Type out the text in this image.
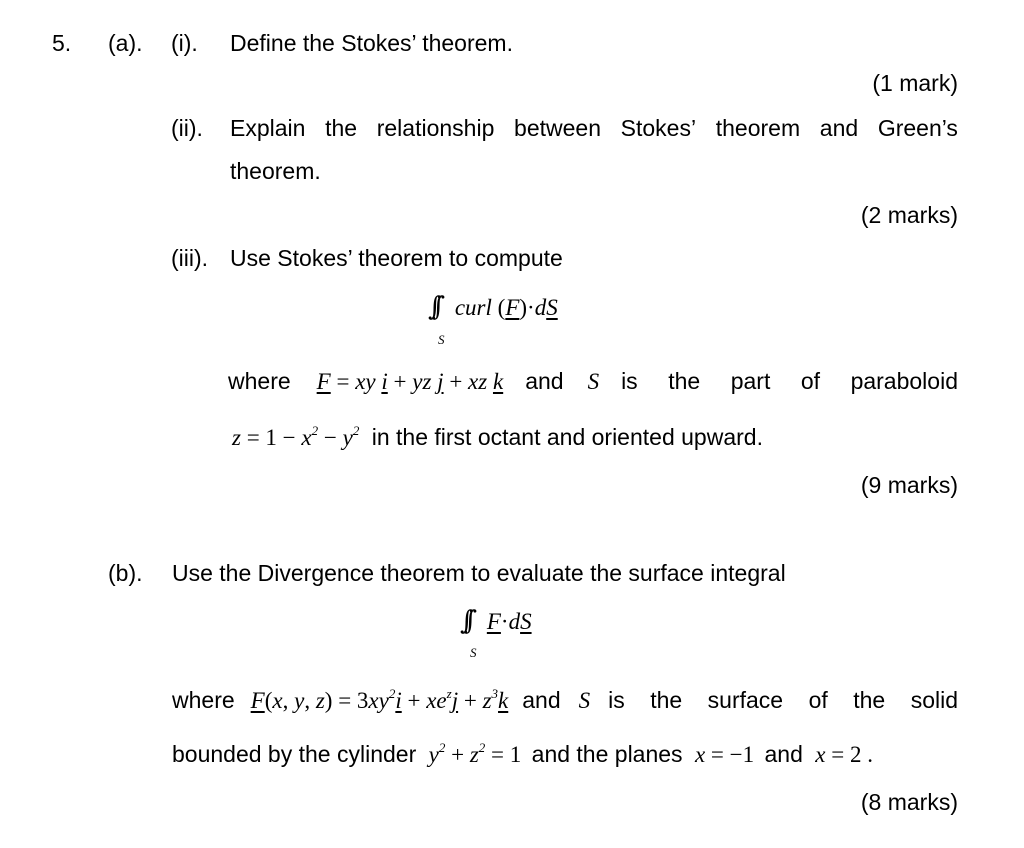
5. (a). (i). Define the Stokes’ theorem.
(1 mark)
(ii). Explain the relationship between Stokes’ theorem and Green’s
theorem.
(2 marks)
(iii). Use Stokes’ theorem to compute
∫∫ curl (F)·dS
S
where F = xy i + yz j + xz k and S is the part of paraboloid
$z = 1 - x^2 - y^2$ in the first octant and oriented upward.
(9 marks)
(b). Use the Divergence theorem to evaluate the surface integral
∫∫ F·dS
S
where F(x, y, $z) = 3xy^2i + xe^zj + z^3k$ and S is the surface of the solid
bounded by the cylinder $y^2 + z^2 = 1$ and the planes x = −1 and x = 2 .
(8 marks)
